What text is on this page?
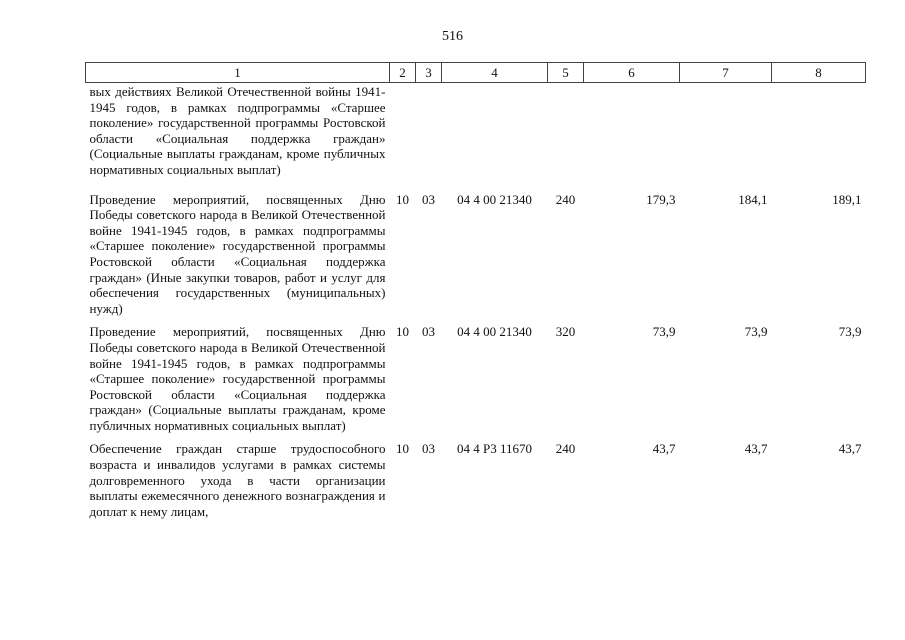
516
1	2	3	4	5	6	7	8
вых действиях Великой Отечественной войны 1941-1945 годов, в рамках подпрограммы «Старшее поколение» государственной программы Ростовской области «Социальная поддержка граждан» (Социальные выплаты гражданам, кроме публичных нормативных социальных выплат)							
Проведение мероприятий, посвященных Дню Победы советского народа в Великой Отечественной войне 1941-1945 годов, в рамках подпрограммы «Старшее поколение» государственной программы Ростовской области «Социальная поддержка граждан» (Иные закупки товаров, работ и услуг для обеспечения государственных (муниципальных) нужд)	10	03	04 4 00 21340	240	179,3	184,1	189,1
Проведение мероприятий, посвященных Дню Победы советского народа в Великой Отечественной войне 1941-1945 годов, в рамках подпрограммы «Старшее поколение» государственной программы Ростовской области «Социальная поддержка граждан» (Социальные выплаты гражданам, кроме публичных нормативных социальных выплат)	10	03	04 4 00 21340	320	73,9	73,9	73,9
Обеспечение граждан старше трудоспособного возраста и инвалидов услугами в рамках системы долговременного ухода в части организации выплаты ежемесячного денежного вознаграждения и доплат к нему лицам,	10	03	04 4 P3 11670	240	43,7	43,7	43,7
